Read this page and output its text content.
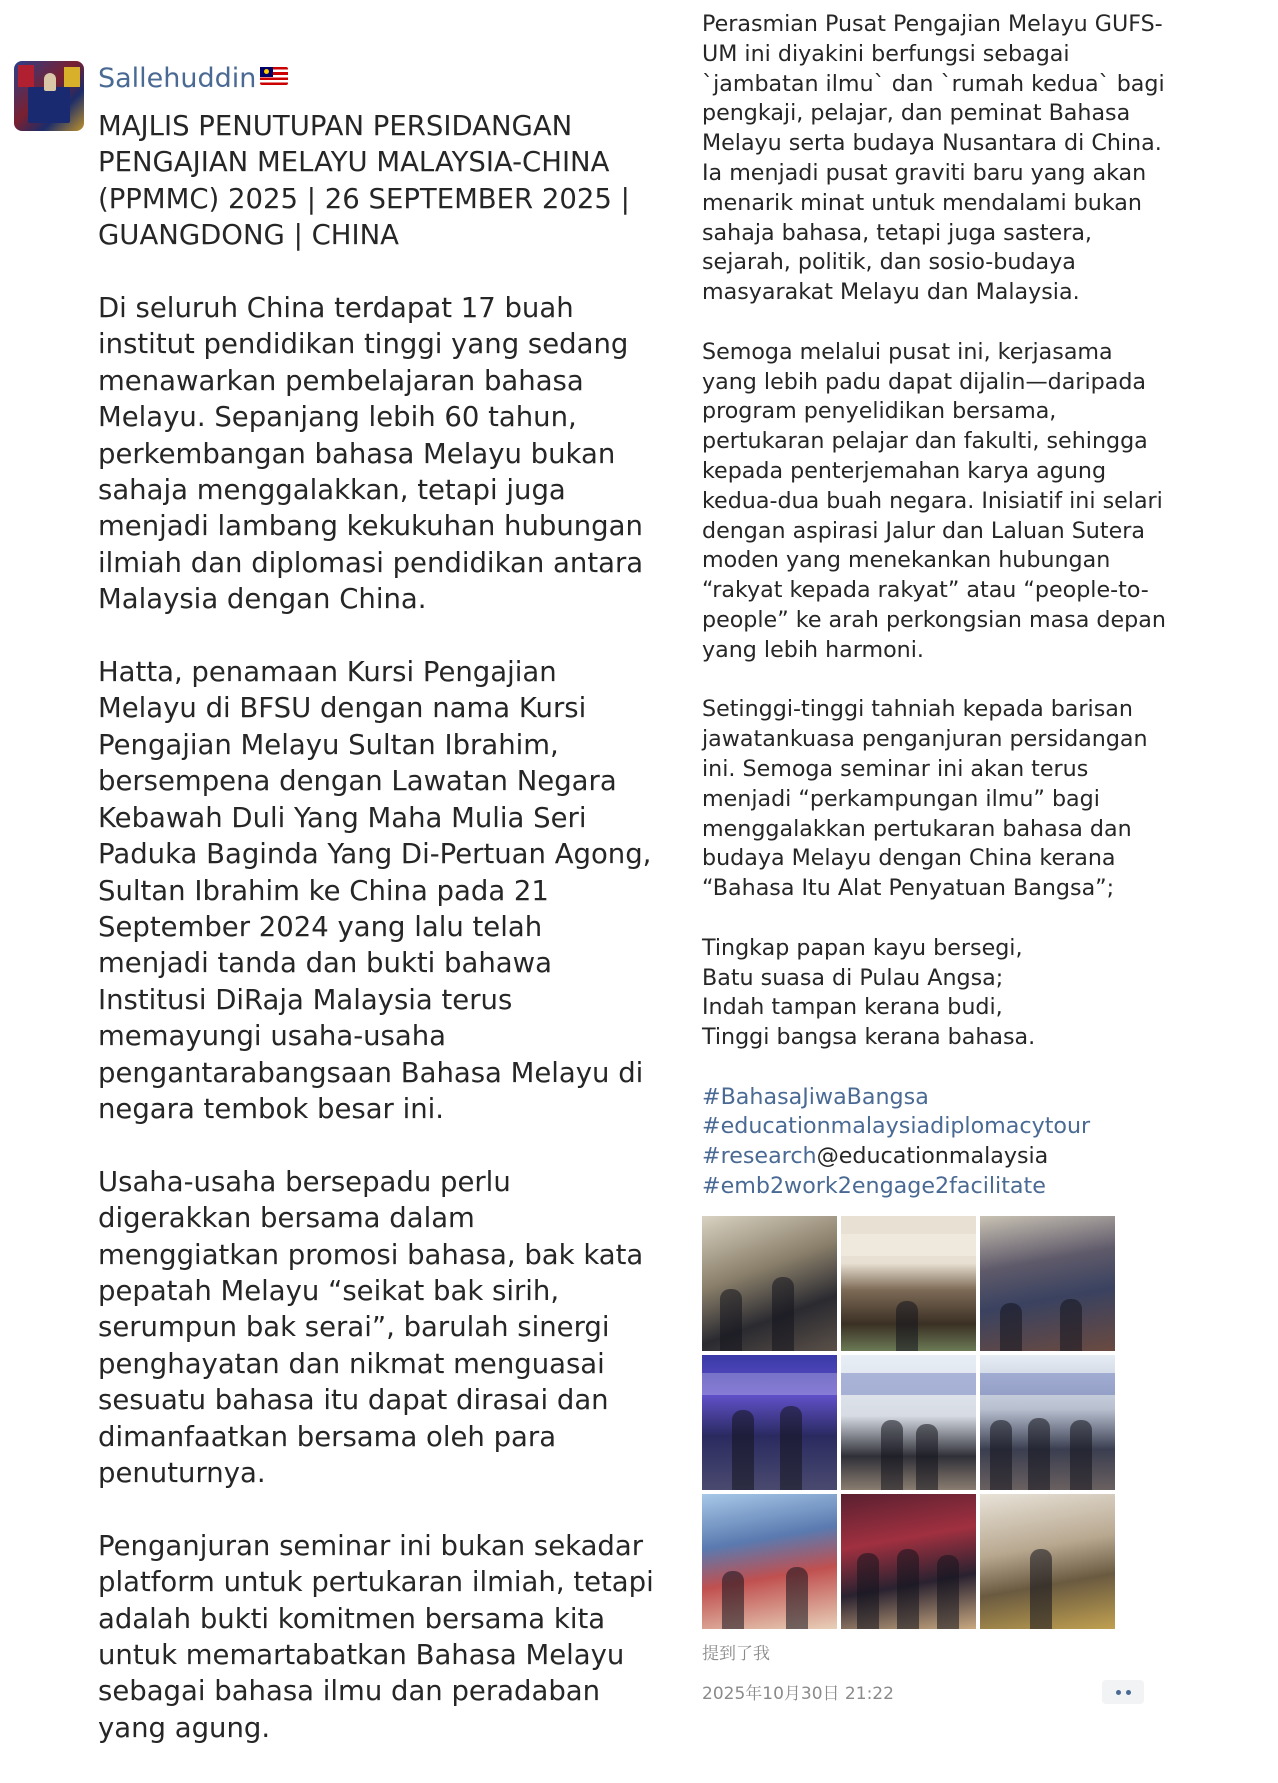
Sallehuddin

MAJLIS PENUTUPAN PERSIDANGAN PENGAJIAN MELAYU MALAYSIA-CHINA (PPMMC) 2025 | 26 SEPTEMBER 2025 | GUANGDONG | CHINA

Di seluruh China terdapat 17 buah institut pendidikan tinggi yang sedang menawarkan pembelajaran bahasa Melayu. Sepanjang lebih 60 tahun, perkembangan bahasa Melayu bukan sahaja menggalakkan, tetapi juga menjadi lambang kekukuhan hubungan ilmiah dan diplomasi pendidikan antara Malaysia dengan China.

Hatta, penamaan Kursi Pengajian Melayu di BFSU dengan nama Kursi Pengajian Melayu Sultan Ibrahim, bersempena dengan Lawatan Negara Kebawah Duli Yang Maha Mulia Seri Paduka Baginda Yang Di-Pertuan Agong, Sultan Ibrahim ke China pada 21 September 2024 yang lalu telah menjadi tanda dan bukti bahawa Institusi DiRaja Malaysia terus memayungi usaha-usaha pengantarabangsaan Bahasa Melayu di negara tembok besar ini.

Usaha-usaha bersepadu perlu digerakkan bersama dalam menggiatkan promosi bahasa, bak kata pepatah Melayu “seikat bak sirih, serumpun bak serai”, barulah sinergi penghayatan dan nikmat menguasai sesuatu bahasa itu dapat dirasai dan dimanfaatkan bersama oleh para penuturnya.

Penganjuran seminar ini bukan sekadar platform untuk pertukaran ilmiah, tetapi adalah bukti komitmen bersama kita untuk memartabatkan Bahasa Melayu sebagai bahasa ilmu dan peradaban yang agung.

Perasmian Pusat Pengajian Melayu GUFS-UM ini diyakini berfungsi sebagai `jambatan ilmu` dan `rumah kedua` bagi pengkaji, pelajar, dan peminat Bahasa Melayu serta budaya Nusantara di China. Ia menjadi pusat graviti baru yang akan menarik minat untuk mendalami bukan sahaja bahasa, tetapi juga sastera, sejarah, politik, dan sosio-budaya masyarakat Melayu dan Malaysia.

Semoga melalui pusat ini, kerjasama yang lebih padu dapat dijalin—daripada program penyelidikan bersama, pertukaran pelajar dan fakulti, sehingga kepada penterjemahan karya agung kedua-dua buah negara. Inisiatif ini selari dengan aspirasi Jalur dan Laluan Sutera moden yang menekankan hubungan “rakyat kepada rakyat” atau “people-to-people” ke arah perkongsian masa depan yang lebih harmoni.

Setinggi-tinggi tahniah kepada barisan jawatankuasa penganjuran persidangan ini. Semoga seminar ini akan terus menjadi “perkampungan ilmu” bagi menggalakkan pertukaran bahasa dan budaya Melayu dengan China kerana “Bahasa Itu Alat Penyatuan Bangsa”;

Tingkap papan kayu bersegi,
Batu suasa di Pulau Angsa;
Indah tampan kerana budi,
Tinggi bangsa kerana bahasa.

#BahasaJiwaBangsa
#educationmalaysiadiplomacytour
#research@educationmalaysia
#emb2work2engage2facilitate
提到了我
2025年10月30日 21:22
